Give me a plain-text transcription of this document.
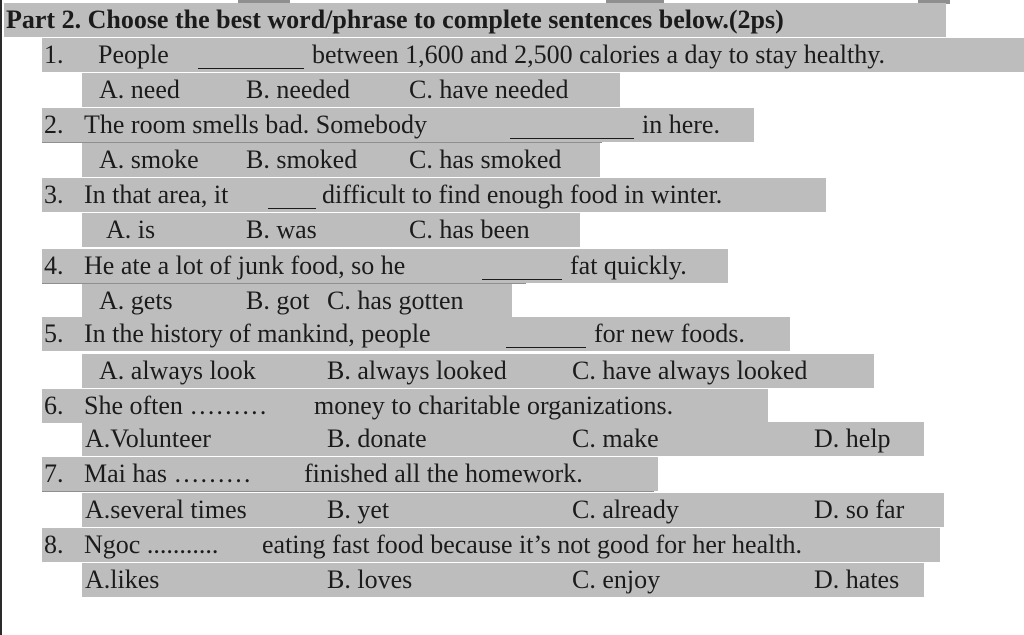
Part 2. Choose the best word/phrase to complete sentences below.(2ps)
1. People	between 1,600 and 2,500 calories a day to stay healthy.
A. need	B. needed C. have needed
2. The room smells bad. Somebody	in here.
A. smoke B. smoked C. has smoked
3. In that area, it	difficult to find enough food in winter.
A. is	B. was	C. has been
4. He ate a lot of junk food, so he	fat quickly.
A. gets	B. got C. has gotten
5. In the history of mankind, people	for new foods.
A. always look	B. always looked	C. have always looked
6. She often ……… money to charitable organizations.
A.Volunteer	B. donate	C. make	D. help
7. Mai has ……… finished all the homework.
A.several times	B. yet	C. already	D. so far
8. Ngoc ........... eating fast food because it’s not good for her health.
A.likes	B. loves	C. enjoy	D. hates
